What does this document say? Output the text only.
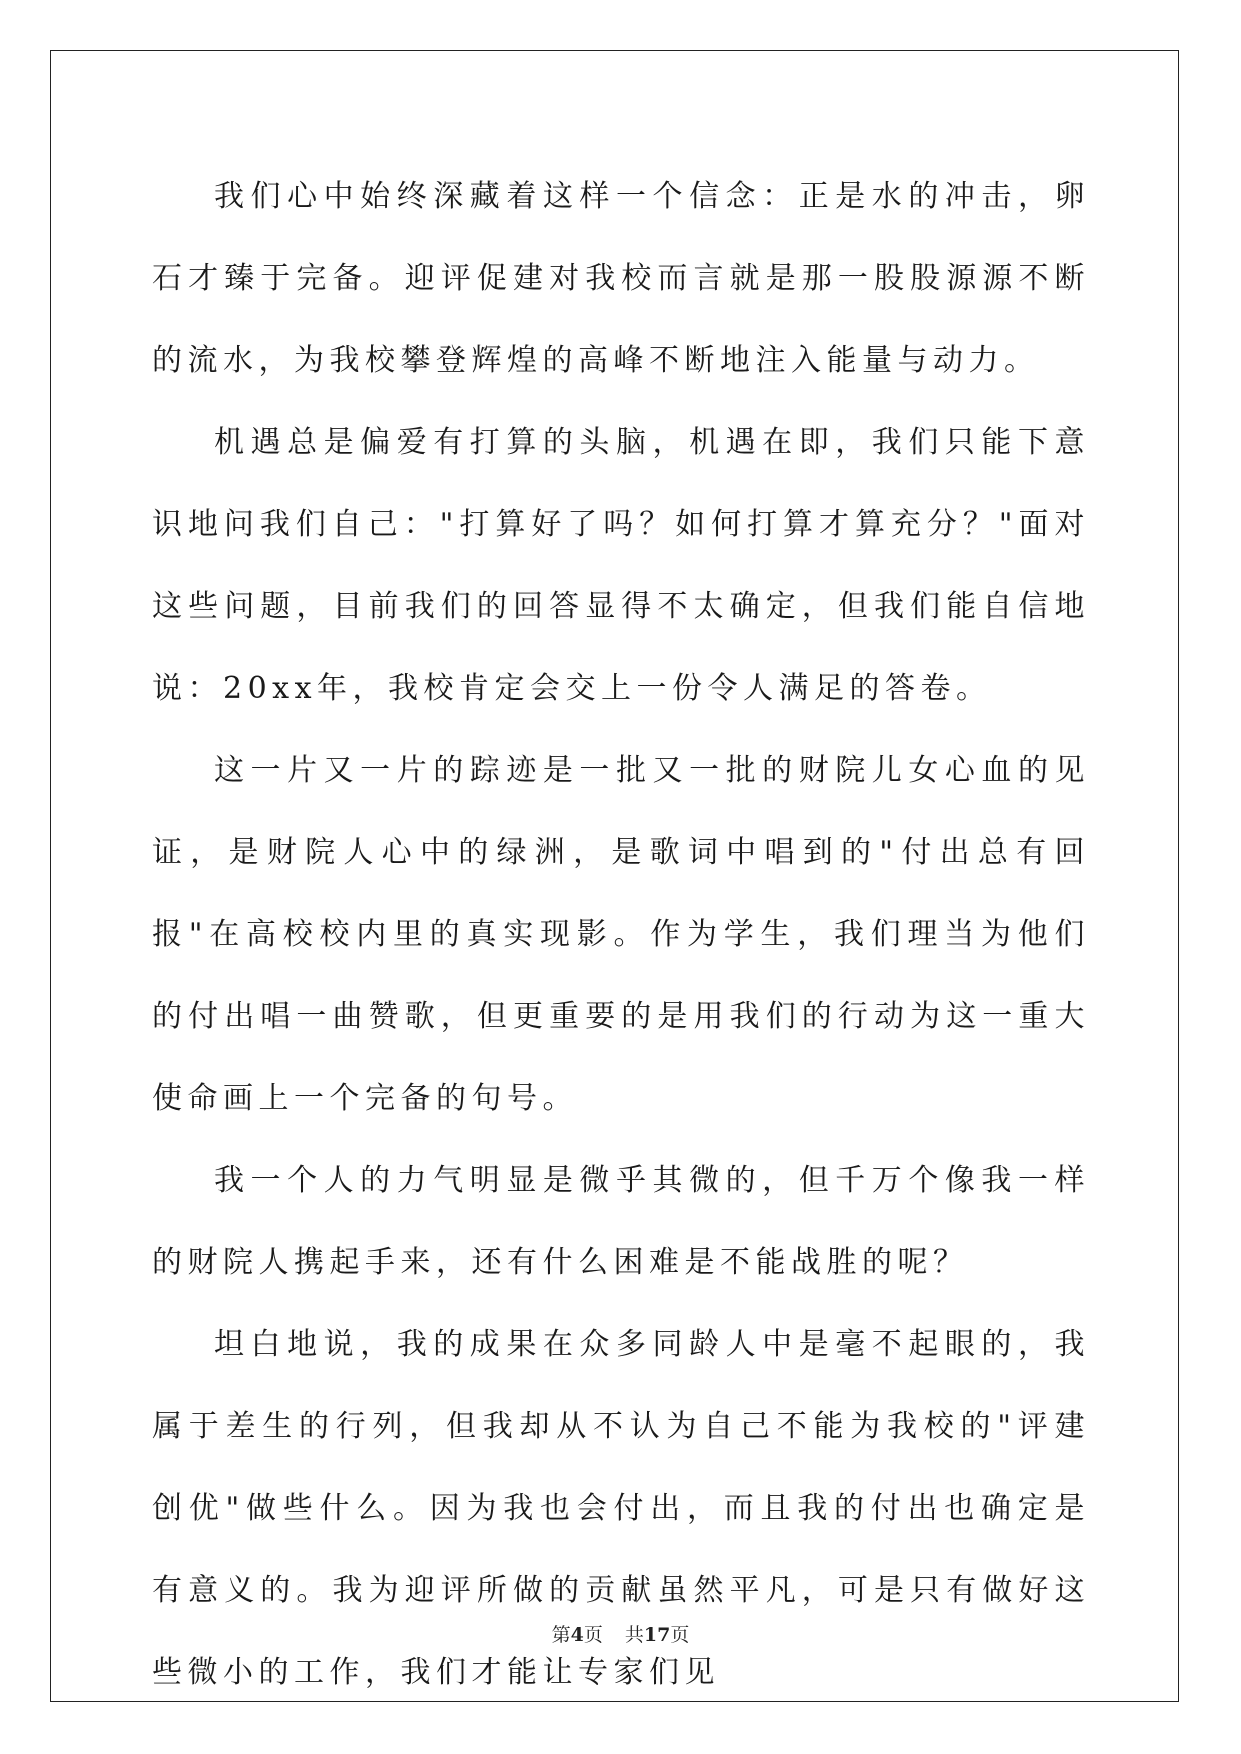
我们心中始终深藏着这样一个信念：正是水的冲击，卵石才臻于完备。迎评促建对我校而言就是那一股股源源不断的流水，为我校攀登辉煌的高峰不断地注入能量与动力。

机遇总是偏爱有打算的头脑，机遇在即，我们只能下意识地问我们自己："打算好了吗？如何打算才算充分？"面对这些问题，目前我们的回答显得不太确定，但我们能自信地说：20xx年，我校肯定会交上一份令人满足的答卷。

这一片又一片的踪迹是一批又一批的财院儿女心血的见证，是财院人心中的绿洲，是歌词中唱到的"付出总有回报"在高校校内里的真实现影。作为学生，我们理当为他们的付出唱一曲赞歌，但更重要的是用我们的行动为这一重大使命画上一个完备的句号。

我一个人的力气明显是微乎其微的，但千万个像我一样的财院人携起手来，还有什么困难是不能战胜的呢？

坦白地说，我的成果在众多同龄人中是毫不起眼的，我属于差生的行列，但我却从不认为自己不能为我校的"评建创优"做些什么。因为我也会付出，而且我的付出也确定是有意义的。我为迎评所做的贡献虽然平凡，可是只有做好这些微小的工作，我们才能让专家们见

第4页 共17页
